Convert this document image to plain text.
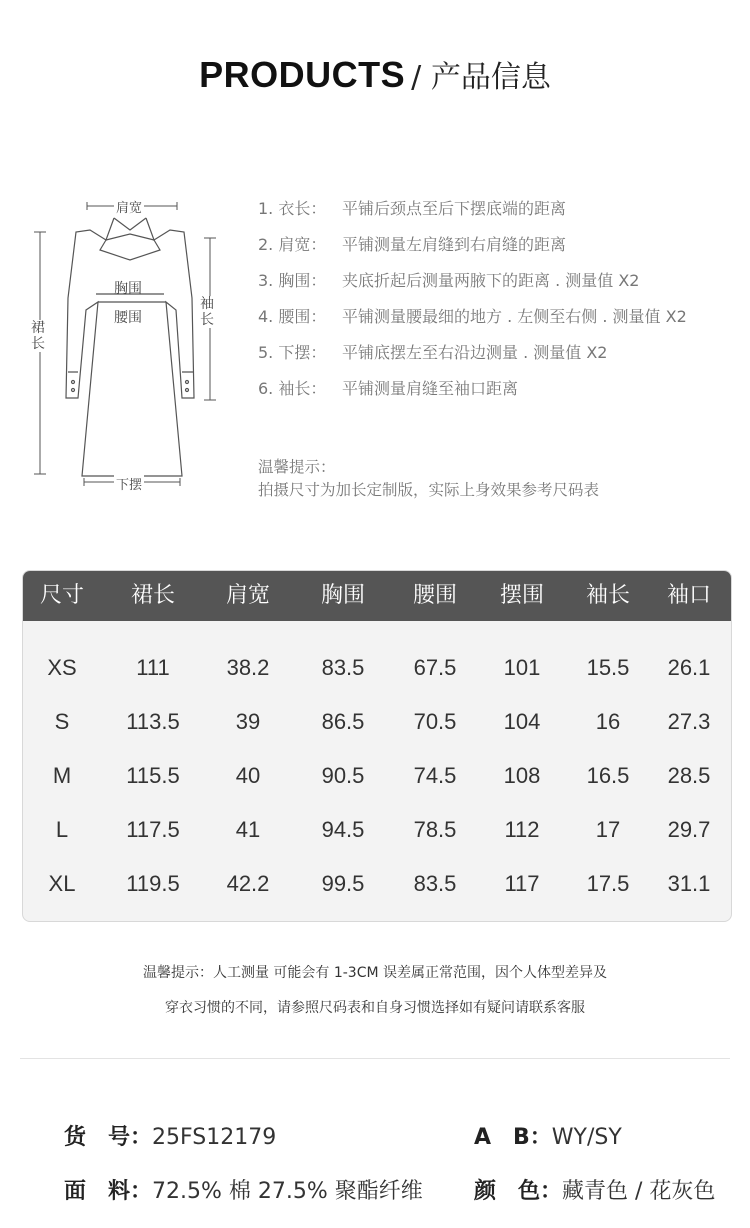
PRODUCTS / 产品信息
肩宽
胸围
腰围
裙长
袖长
下摆
1. 衣长： 平铺后颈点至后下摆底端的距离
2. 肩宽： 平铺测量左肩缝到右肩缝的距离
3. 胸围： 夹底折起后测量两腋下的距离 . 测量值 X2
4. 腰围： 平铺测量腰最细的地方 . 左侧至右侧 . 测量值 X2
5. 下摆： 平铺底摆左至右沿边测量 . 测量值 X2
6. 袖长： 平铺测量肩缝至袖口距离
温馨提示：
拍摄尺寸为加长定制版，实际上身效果参考尺码表
尺寸	裙长	肩宽	胸围	腰围	摆围	袖长	袖口
XS	111	38.2	83.5	67.5	101	15.5	26.1
S	113.5	39	86.5	70.5	104	16	27.3
M	115.5	40	90.5	74.5	108	16.5	28.5
L	117.5	41	94.5	78.5	112	17	29.7
XL	119.5	42.2	99.5	83.5	117	17.5	31.1
温馨提示：人工测量 可能会有 1-3CM 误差属正常范围，因个人体型差异及
穿衣习惯的不同，请参照尺码表和自身习惯选择如有疑问请联系客服
货　号：25FS12179	A　B：WY/SY
面　料：72.5% 棉 27.5% 聚酯纤维 颜　色：藏青色 / 花灰色
